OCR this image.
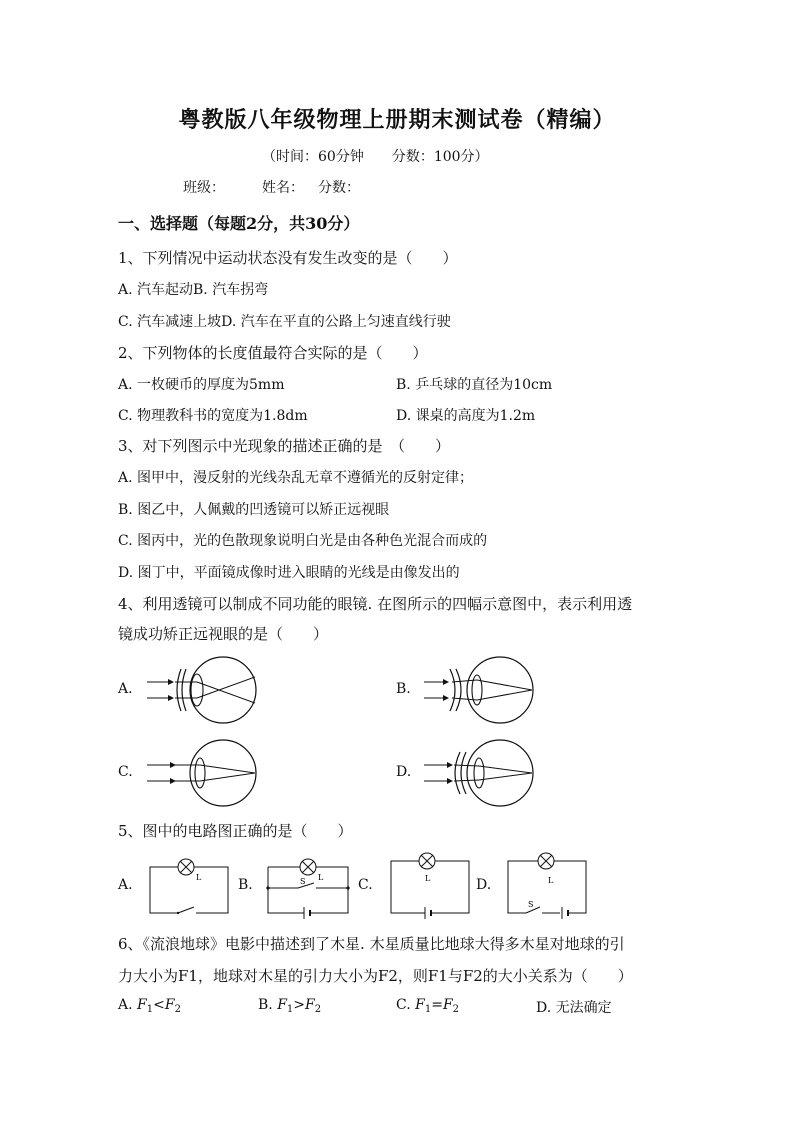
粤教版八年级物理上册期末测试卷（精编）
（时间：60分钟　　分数：100分）
班级：	姓名： 分数：
一、选择题（每题2分，共30分）
1、下列情况中运动状态没有发生改变的是（　　）
A. 汽车起动B. 汽车拐弯
C. 汽车减速上坡D. 汽车在平直的公路上匀速直线行驶
2、下列物体的长度值最符合实际的是（　　）
A. 一枚硬币的厚度为5mm	B. 乒乓球的直径为10cm
C. 物理教科书的宽度为1.8dm	D. 课桌的高度为1.2m
3、对下列图示中光现象的描述正确的是　（　　）
A. 图甲中，漫反射的光线杂乱无章不遵循光的反射定律；
B. 图乙中，人佩戴的凹透镜可以矫正远视眼
C. 图丙中，光的色散现象说明白光是由各种色光混合而成的
D. 图丁中，平面镜成像时进入眼睛的光线是由像发出的
4、利用透镜可以制成不同功能的眼镜. 在图所示的四幅示意图中，表示利用透
镜成功矫正远视眼的是（　　）
A.	B.
C.	D.
5、图中的电路图正确的是（　　）
A.	B.	C.	D.
L	L
S	L	L
S
6、《流浪地球》电影中描述到了木星. 木星质量比地球大得多木星对地球的引
力大小为F1，地球对木星的引力大小为F2，则F1与F2的大小关系为（　　）
A. $F_1<F_2$	B. $F_1>F_2$	C. $F_1=F_2$	D. 无法确定
